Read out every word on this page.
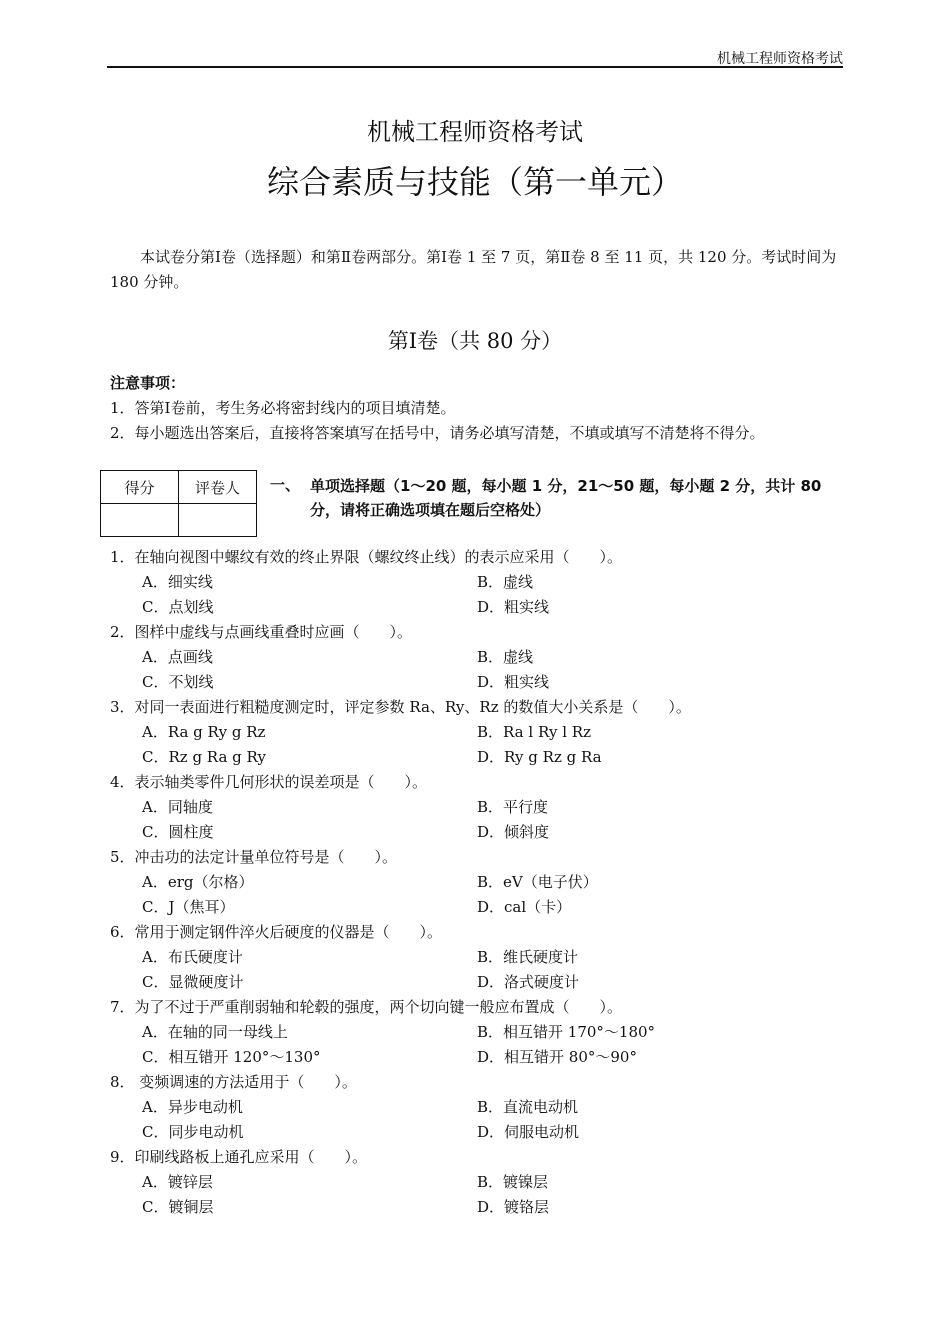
机械工程师资格考试
机械工程师资格考试
综合素质与技能（第一单元）
本试卷分第Ⅰ卷（选择题）和第Ⅱ卷两部分。第Ⅰ卷 1 至 7 页，第Ⅱ卷 8 至 11 页，共 120 分。考试时间为 180 分钟。
第Ⅰ卷（共 80 分）
注意事项：
1．答第Ⅰ卷前，考生务必将密封线内的项目填清楚。
2．每小题选出答案后，直接将答案填写在括号中，请务必填写清楚，不填或填写不清楚将不得分。
得分	评卷人
	一、 单项选择题（1～20 题，每小题 1 分，21～50 题，每小题 2 分，共计 80 分，请将正确选项填在题后空格处）
1．在轴向视图中螺纹有效的终止界限（螺纹终止线）的表示应采用（　　）。
A．细实线	B．虚线
C．点划线	D．粗实线
2．图样中虚线与点画线重叠时应画（　　）。
A．点画线	B．虚线
C．不划线	D．粗实线
3．对同一表面进行粗糙度测定时，评定参数 Ra、Ry、Rz 的数值大小关系是（　　）。
A．Ra g Ry g Rz	B．Ra l Ry l Rz
C．Rz g Ra g Ry	D．Ry g Rz g Ra
4．表示轴类零件几何形状的误差项是（　　）。
A．同轴度	B．平行度
C．圆柱度	D．倾斜度
5．冲击功的法定计量单位符号是（　　）。
A．erg（尔格）	B．eV（电子伏）
C．J（焦耳）	D．cal（卡）
6．常用于测定钢件淬火后硬度的仪器是（　　）。
A．布氏硬度计	B．维氏硬度计
C．显微硬度计	D．洛式硬度计
7．为了不过于严重削弱轴和轮毂的强度，两个切向键一般应布置成（　　）。
A．在轴的同一母线上	B．相互错开 170°～180°
C．相互错开 120°～130°	D．相互错开 80°～90°
8． 变频调速的方法适用于（　　）。
A．异步电动机	B．直流电动机
C．同步电动机	D．伺服电动机
9．印刷线路板上通孔应采用（　　）。
A．镀锌层	B．镀镍层
C．镀铜层	D．镀铬层
